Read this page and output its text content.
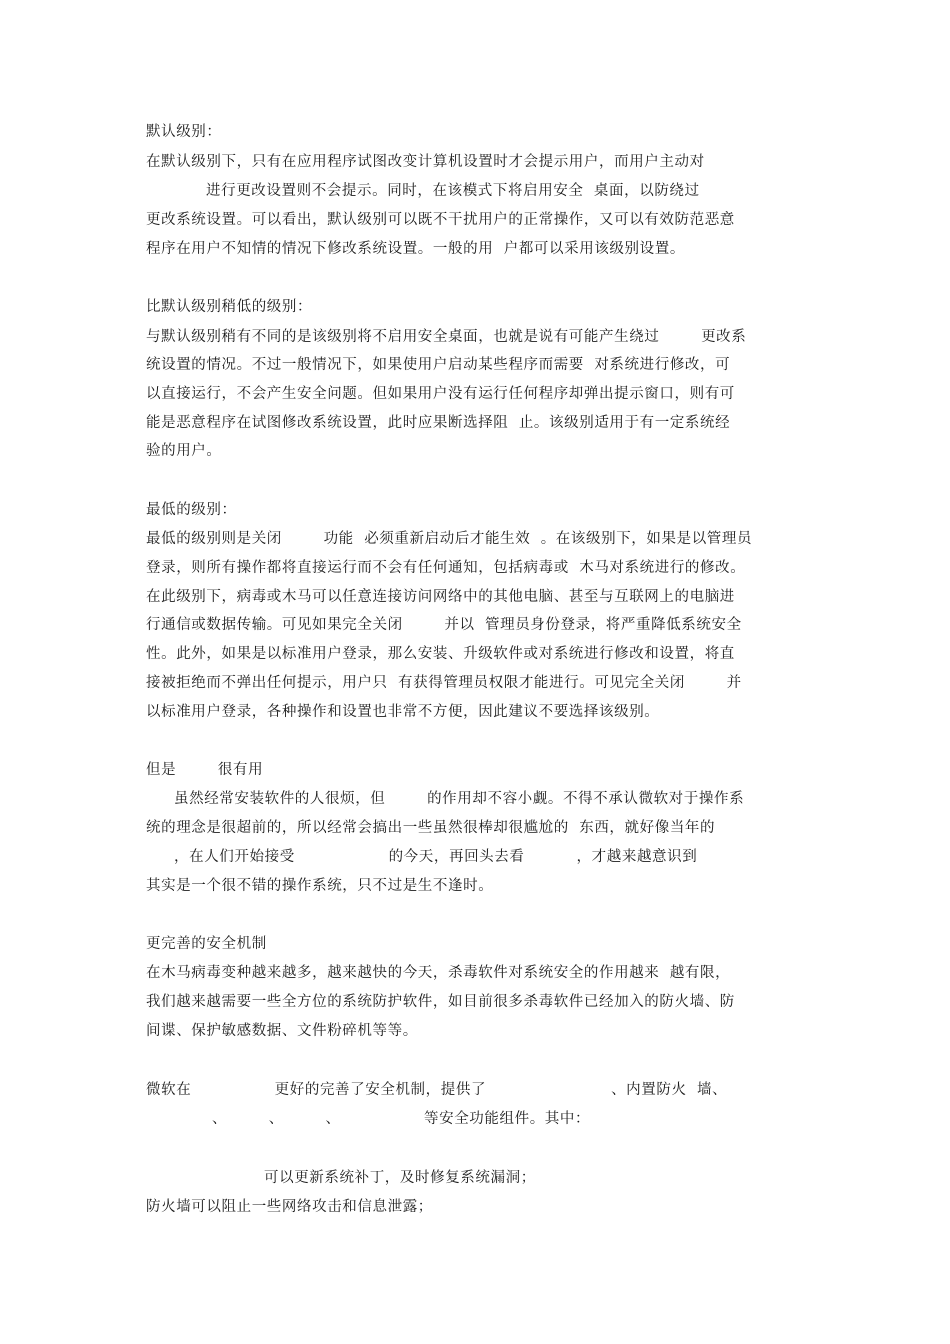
默认级别：
在默认级别下，只有在应用程序试图改变计算机设置时才会提示用户，而用户主动对
进行更改设置则不会提示。同时，在该模式下将启用安全  桌面，以防绕过
更改系统设置。可以看出，默认级别可以既不干扰用户的正常操作，又可以有效防范恶意
程序在用户不知情的情况下修改系统设置。一般的用  户都可以采用该级别设置。
比默认级别稍低的级别：
与默认级别稍有不同的是该级别将不启用安全桌面，也就是说有可能产生绕过        更改系
统设置的情况。不过一般情况下，如果使用户启动某些程序而需要  对系统进行修改，可
以直接运行，不会产生安全问题。但如果用户没有运行任何程序却弹出提示窗口，则有可
能是恶意程序在试图修改系统设置，此时应果断选择阻  止。该级别适用于有一定系统经
验的用户。
最低的级别：
最低的级别则是关闭        功能  必须重新启动后才能生效  。在该级别下，如果是以管理员
登录，则所有操作都将直接运行而不会有任何通知，包括病毒或  木马对系统进行的修改。
在此级别下，病毒或木马可以任意连接访问网络中的其他电脑、甚至与互联网上的电脑进
行通信或数据传输。可见如果完全关闭        并以  管理员身份登录，将严重降低系统安全
性。此外，如果是以标准用户登录，那么安装、升级软件或对系统进行修改和设置，将直
接被拒绝而不弹出任何提示，用户只  有获得管理员权限才能进行。可见完全关闭        并
以标准用户登录，各种操作和设置也非常不方便，因此建议不要选择该级别。
但是        很有用
虽然经常安装软件的人很烦，但        的作用却不容小觑。不得不承认微软对于操作系
统的理念是很超前的，所以经常会搞出一些虽然很棒却很尴尬的  东西，就好像当年的
，在人们开始接受                  的今天，再回头去看          ，才越来越意识到
其实是一个很不错的操作系统，只不过是生不逢时。
更完善的安全机制
在木马病毒变种越来越多，越来越快的今天，杀毒软件对系统安全的作用越来  越有限，
我们越来越需要一些全方位的系统防护软件，如目前很多杀毒软件已经加入的防火墙、防
间谍、保护敏感数据、文件粉碎机等等。
微软在                更好的完善了安全机制，提供了                        、内置防火  墙、
、        、        、                等安全功能组件。其中：
可以更新系统补丁，及时修复系统漏洞；
防火墙可以阻止一些网络攻击和信息泄露；
